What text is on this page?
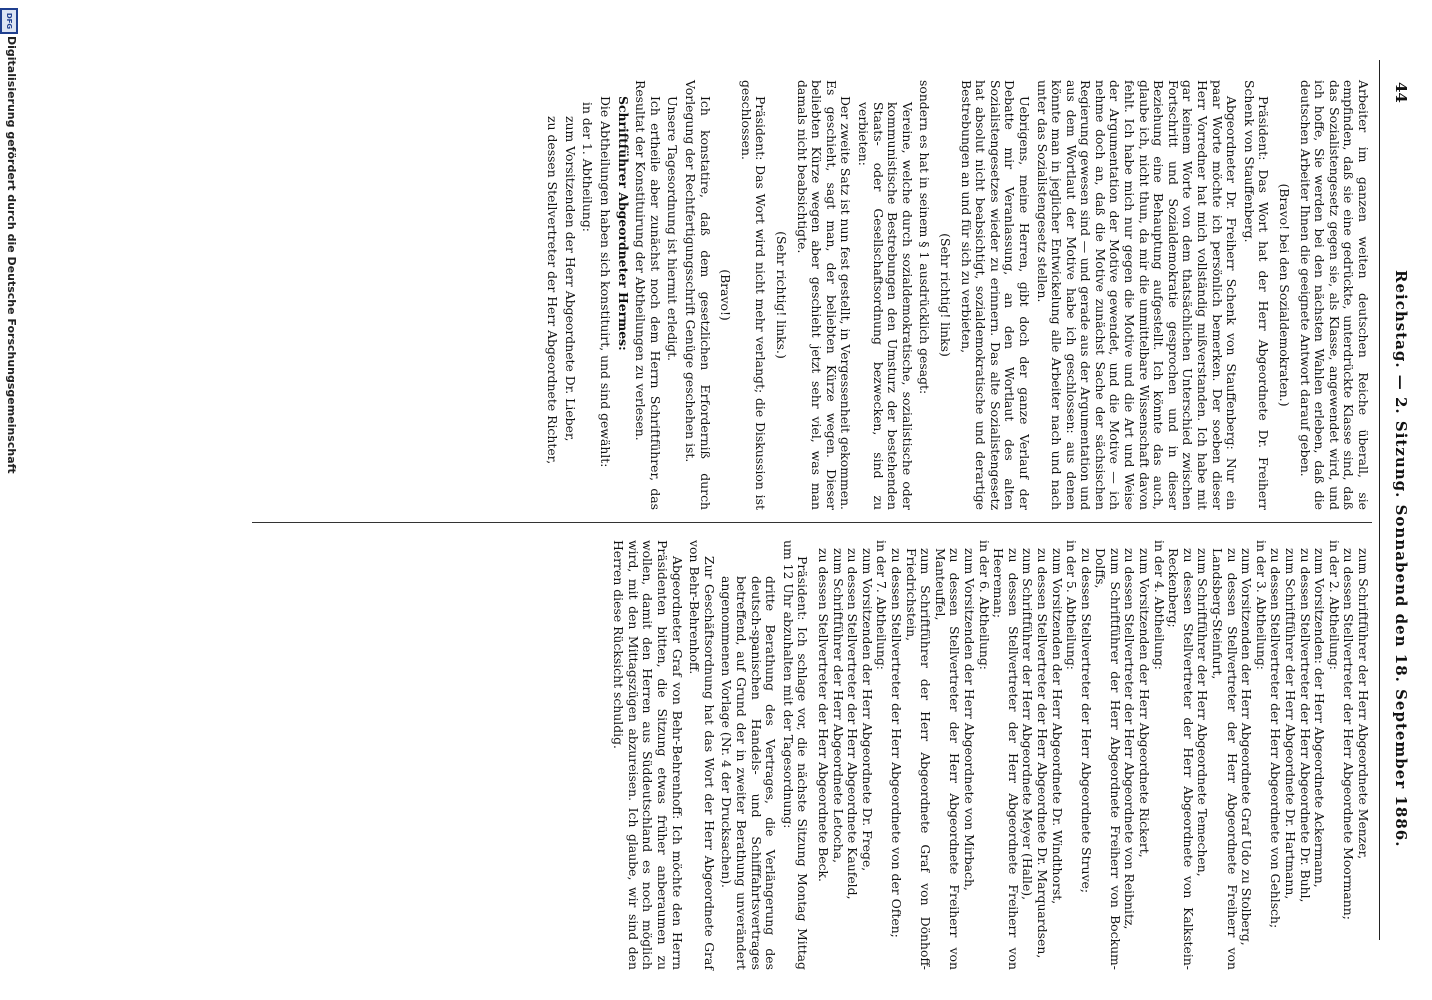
44
Reichstag. — 2. Sitzung. Sonnabend den 18. September 1886.

Arbeiter im ganzen weiten deutschen Reiche überall, sie empfinden, daß sie eine gedrückte, unterdrückte Klasse sind, daß das Sozialistengesetz gegen sie, als Klasse, angewendet wird, und ich hoffe, Sie werden bei den nächsten Wahlen erleben, daß die deutschen Arbeiter Ihnen die geeignete Antwort darauf geben.

(Bravo! bei den Sozialdemokraten.)

Präsident: Das Wort hat der Herr Abgeordnete Dr. Freiherr Schenk von Stauffenberg.

Abgeordneter Dr. Freiherr Schenk von Stauffenberg: Nur ein paar Worte möchte ich persönlich bemerken. Der soeben dieser Herr Vorredner hat mich vollständig mißverstanden. Ich habe mit gar keinem Worte von dem thatsächlichen Unterschied zwischen Fortschritt und Sozialdemokratie gesprochen und in dieser Beziehung eine Behauptung aufgestellt. Ich könnte das auch, glaube ich, nicht thun, da mir die unmittelbare Wissenschaft davon fehlt. Ich habe mich nur gegen die Motive und die Art und Weise der Argumentation der Motive gewendet, und die Motive — ich nehme doch an, daß die Motive zunächst Sache der sächsischen Regierung gewesen sind — und gerade aus der Argumentation und aus dem Wortlaut der Motive habe ich geschlossen: aus denen könnte man in jeglicher Entwickelung alle Arbeiter nach und nach unter das Sozialistengesetz stellen.

Uebrigens, meine Herren, gibt doch der ganze Verlauf der Debatte mir Veranlassung, an den Wortlaut des alten Sozialistengesetzes wieder zu erinnern. Das alte Sozialistengesetz hat absolut nicht beabsichtigt, sozialdemokratische und derartige Bestrebungen an und für sich zu verbieten,

(Sehr richtig! links)

sondern es hat in seinem § 1 ausdrücklich gesagt:

Vereine, welche durch sozialdemokratische, sozialistische oder kommunistische Bestrebungen den Umsturz der bestehenden Staats- oder Gesellschaftsordnung bezwecken, sind zu verbieten:

Der zweite Satz ist nun fest gestellt, in Vergessenheit gekommen. Es geschieht, sagt man, der beliebten Kürze wegen. Dieser beliebten Kürze wegen aber geschieht jetzt sehr viel, was man damals nicht beabsichtigte.

(Sehr richtig! links.)

Präsident: Das Wort wird nicht mehr verlangt; die Diskussion ist geschlossen.

(Bravo!)

Ich konstatire, daß dem gesetzlichen Erforderniß durch Vorlegung der Rechtfertigungsschrift Genüge geschehen ist.

Unsere Tagesordnung ist hiermit erledigt.

Ich ertheile aber zunächst noch dem Herrn Schriftführer, das Resultat der Konstituirung der Abtheilungen zu verlesen.

Schriftführer Abgeordneter Hermes:

Die Abtheilungen haben sich konstituirt, und sind gewählt:

in der 1. Abtheilung:

zum Vorsitzenden der Herr Abgeordnete Dr. Lieber,

zu dessen Stellvertreter der Herr Abgeordnete Richter,

zum Schriftführer der Herr Abgeordnete Menzer,
zu dessen Stellvertreter der Herr Abgeordnete Moormann;
in der 2. Abtheilung:
zum Vorsitzenden: der Herr Abgeordnete Ackermann,
zu dessen Stellvertreter der Herr Abgeordnete Dr. Buhl,
zum Schriftführer der Herr Abgeordnete Dr. Hartmann,
zu dessen Stellvertreter der Herr Abgeordnete von Gehlsch;
in der 3. Abtheilung:
zum Vorsitzenden der Herr Abgeordnete Graf Udo zu Stolberg,
zu dessen Stellvertreter der Herr Abgeordnete Freiherr von Landsberg-Steinfurt,
zum Schriftführer der Herr Abgeordnete Temechen,
zu dessen Stellvertreter der Herr Abgeordnete von Kalkstein-Reckenberg;
in der 4. Abtheilung:
zum Vorsitzenden der Herr Abgeordnete Rickert,
zu dessen Stellvertreter der Herr Abgeordnete von Reibnitz,
zum Schriftführer der Herr Abgeordnete Freiherr von Bockum-Dolffs,
zu dessen Stellvertreter der Herr Abgeordnete Struve;
in der 5. Abtheilung:
zum Vorsitzenden der Herr Abgeordnete Dr. Windthorst,
zu dessen Stellvertreter der Herr Abgeordnete Dr. Marquardsen,
zum Schriftführer der Herr Abgeordnete Meyer (Halle),
zu dessen Stellvertreter der Herr Abgeordnete Freiherr von Heereman;
in der 6. Abtheilung:
zum Vorsitzenden der Herr Abgeordnete von Mirbach,
zu dessen Stellvertreter der Herr Abgeordnete Freiherr von Manteuffel,
zum Schriftführer der Herr Abgeordnete Graf von Dönhoff-Friedrichstein,
zu dessen Stellvertreter der Herr Abgeordnete von der Often;
in der 7. Abtheilung:
zum Vorsitzenden der Herr Abgeordnete Dr. Frege,
zu dessen Stellvertreter der Herr Abgeordnete Kaufeld,
zum Schriftführer der Herr Abgeordnete Letocha,
zu dessen Stellvertreter der Herr Abgeordnete Beck.

Präsident: Ich schlage vor, die nächste Sitzung Montag Mittag um 12 Uhr abzuhalten mit der Tagesordnung:

dritte Berathung des Vertrages, die Verlängerung des deutsch-spanischen Handels- und Schifffahrtsvertrages betreffend, auf Grund der in zweiter Berathung unverändert angenommenen Vorlage (Nr. 4 der Drucksachen).

Zur Geschäftsordnung hat das Wort der Herr Abgeordnete Graf von Behr-Behrenhoff.

Abgeordneter Graf von Behr-Behrenhoff: Ich möchte den Herrn Präsidenten bitten, die Sitzung etwas früher anberaumen zu wollen, damit den Herren aus Süddeutschland es noch möglich wird, mit den Mittagszügen abzureisen. Ich glaube, wir sind den Herren diese Rücksicht schuldig.

DFG
Digitalisierung gefördert durch die Deutsche Forschungsgemeinschaft
